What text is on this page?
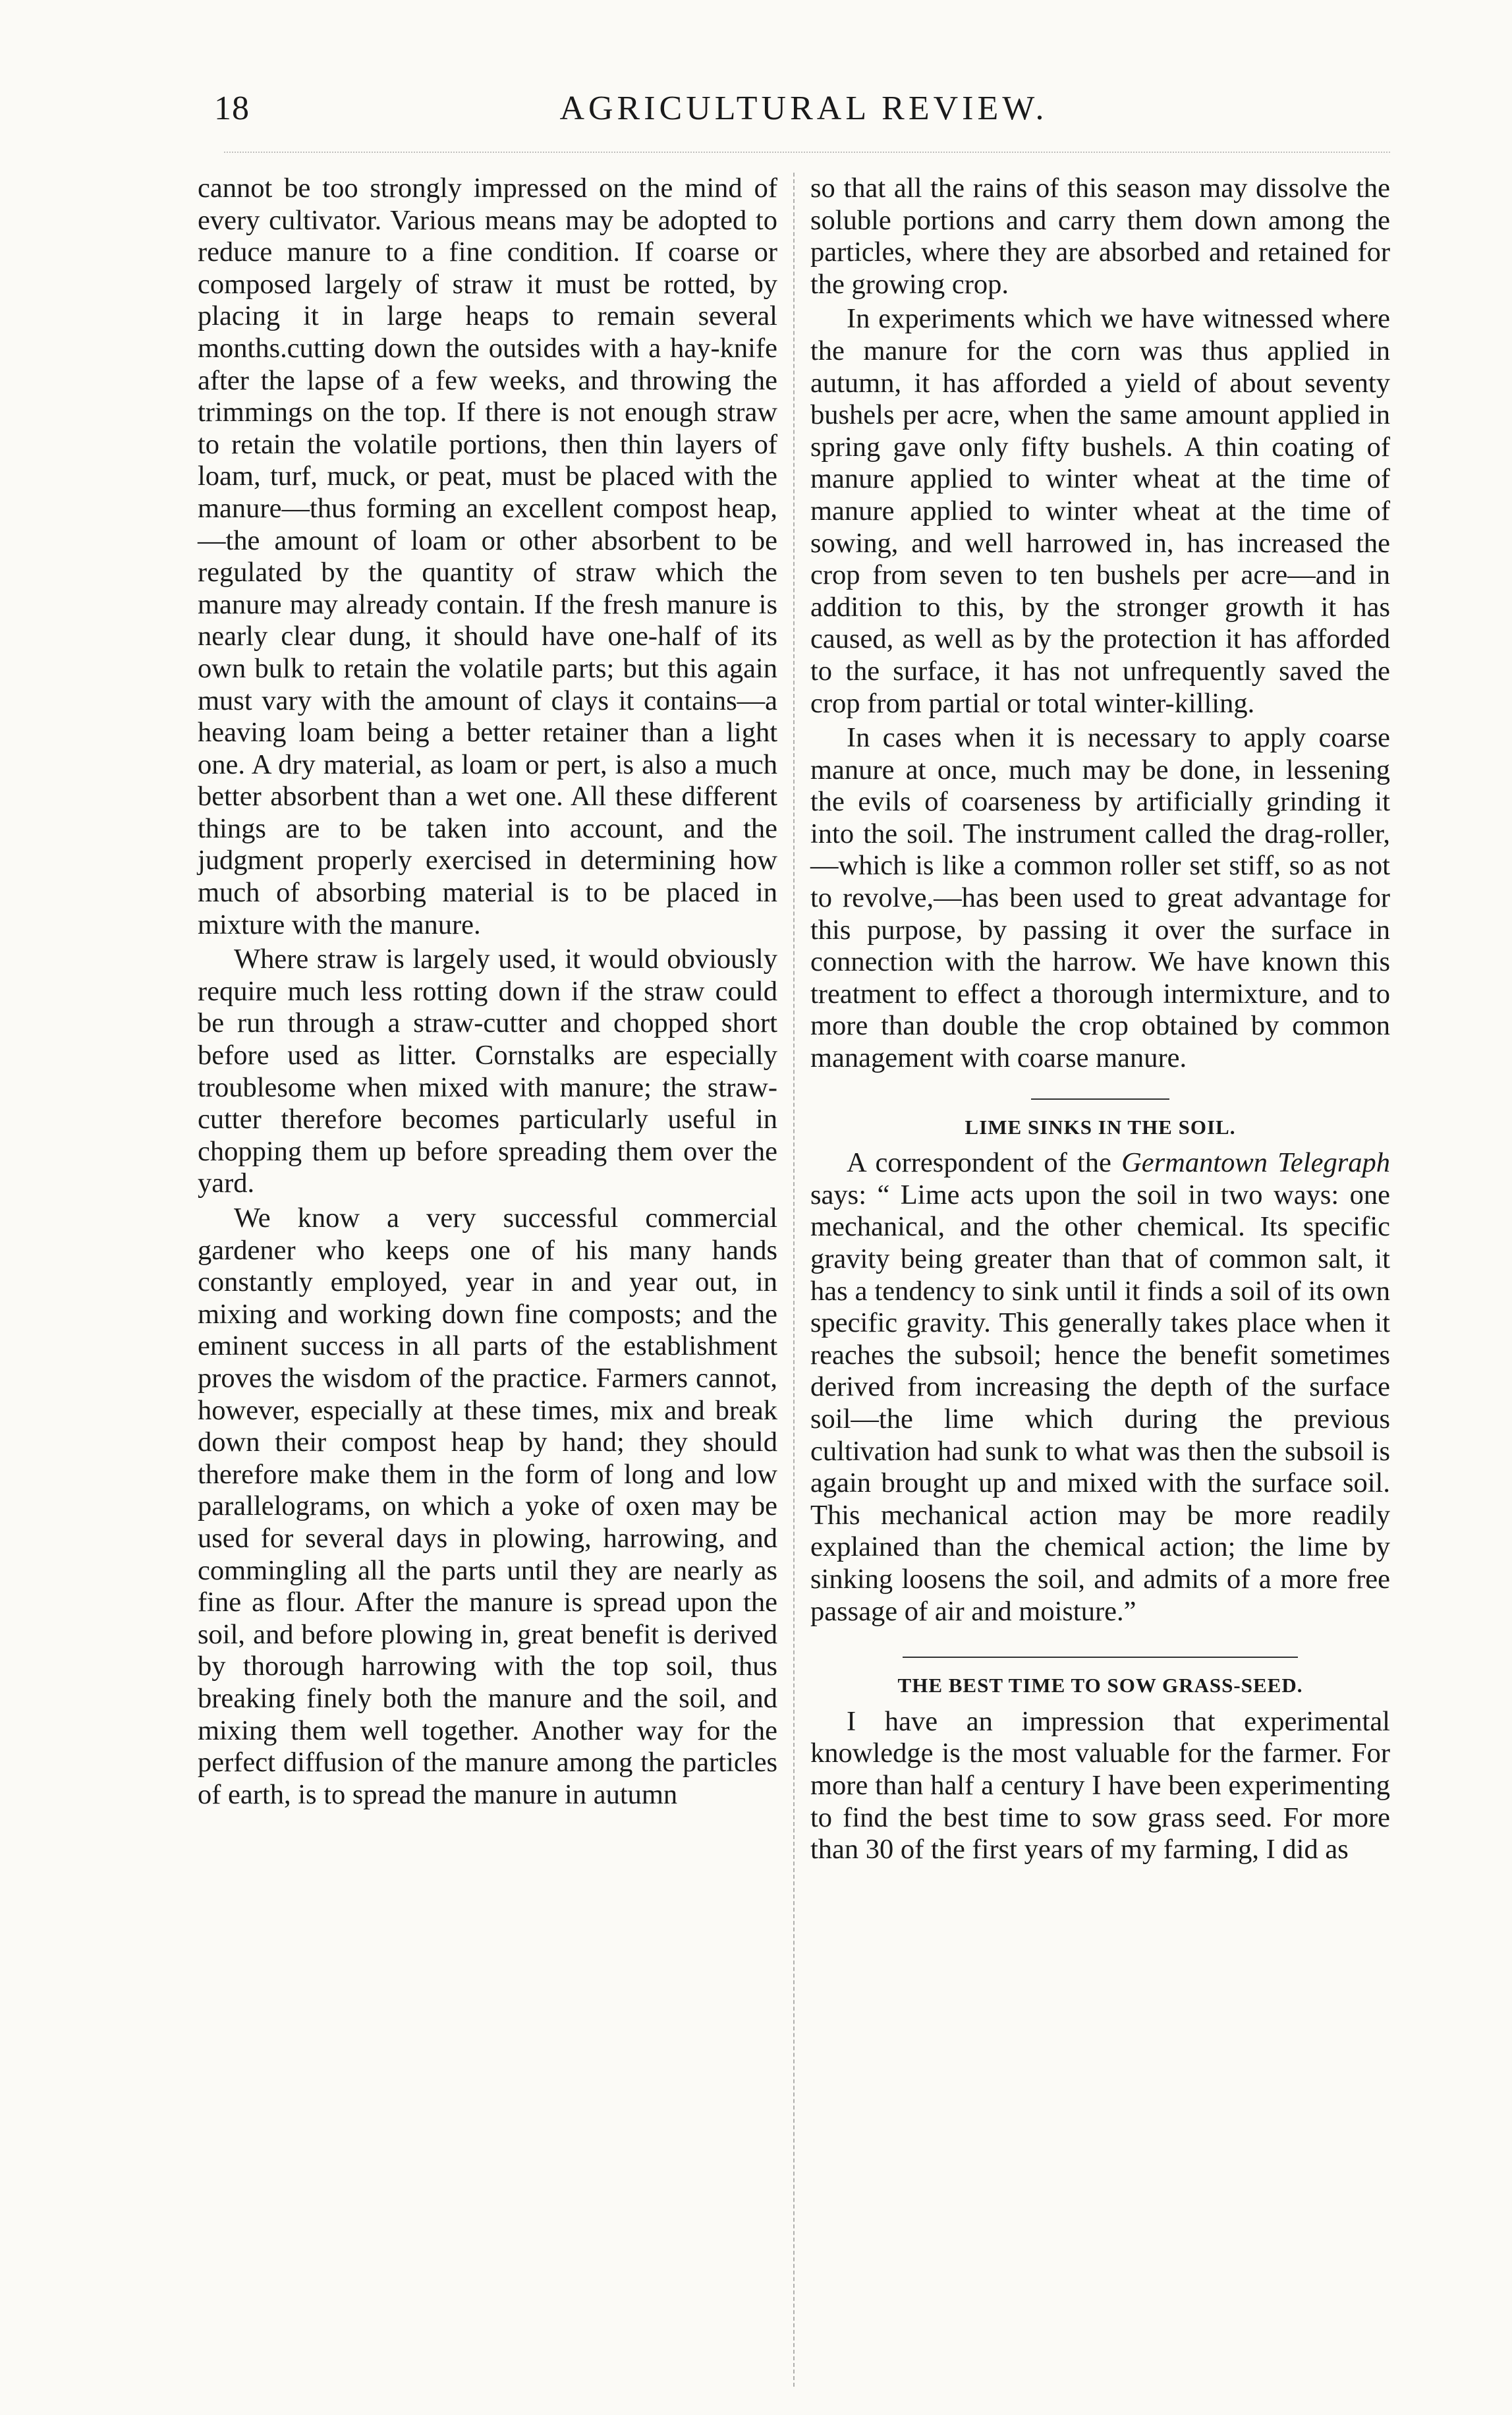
18	AGRICULTURAL REVIEW.

cannot be too strongly impressed on the mind of every cultivator. Various means may be adopted to reduce manure to a fine condition. If coarse or composed largely of straw it must be rotted, by placing it in large heaps to remain several months.cutting down the outsides with a hay-knife after the lapse of a few weeks, and throwing the trimmings on the top. If there is not enough straw to retain the volatile portions, then thin layers of loam, turf, muck, or peat, must be placed with the manure—thus forming an excellent compost heap,—the amount of loam or other absorbent to be regulated by the quantity of straw which the manure may already contain. If the fresh manure is nearly clear dung, it should have one-half of its own bulk to retain the volatile parts; but this again must vary with the amount of clays it contains—a heaving loam being a better retainer than a light one. A dry material, as loam or pert, is also a much better absorbent than a wet one. All these different things are to be taken into account, and the judgment properly exercised in determining how much of absorbing material is to be placed in mixture with the manure.

Where straw is largely used, it would obviously require much less rotting down if the straw could be run through a straw-cutter and chopped short before used as litter. Cornstalks are especially troublesome when mixed with manure; the straw-cutter therefore becomes particularly useful in chopping them up before spreading them over the yard.

We know a very successful commercial gardener who keeps one of his many hands constantly employed, year in and year out, in mixing and working down fine composts; and the eminent success in all parts of the establishment proves the wisdom of the practice. Farmers cannot, however, especially at these times, mix and break down their compost heap by hand; they should therefore make them in the form of long and low parallelograms, on which a yoke of oxen may be used for several days in plowing, harrowing, and commingling all the parts until they are nearly as fine as flour. After the manure is spread upon the soil, and before plowing in, great benefit is derived by thorough harrowing with the top soil, thus breaking finely both the manure and the soil, and mixing them well together. Another way for the perfect diffusion of the manure among the particles of earth, is to spread the manure in autumn

so that all the rains of this season may dissolve the soluble portions and carry them down among the particles, where they are absorbed and retained for the growing crop.

In experiments which we have witnessed where the manure for the corn was thus applied in autumn, it has afforded a yield of about seventy bushels per acre, when the same amount applied in spring gave only fifty bushels. A thin coating of manure applied to winter wheat at the time of manure applied to winter wheat at the time of sowing, and well harrowed in, has increased the crop from seven to ten bushels per acre—and in addition to this, by the stronger growth it has caused, as well as by the protection it has afforded to the surface, it has not unfrequently saved the crop from partial or total winter-killing.

In cases when it is necessary to apply coarse manure at once, much may be done, in lessening the evils of coarseness by artificially grinding it into the soil. The instrument called the drag-roller,—which is like a common roller set stiff, so as not to revolve,—has been used to great advantage for this purpose, by passing it over the surface in connection with the harrow. We have known this treatment to effect a thorough intermixture, and to more than double the crop obtained by common management with coarse manure.

LIME SINKS IN THE SOIL.

A correspondent of the Germantown Telegraph says: “ Lime acts upon the soil in two ways: one mechanical, and the other chemical. Its specific gravity being greater than that of common salt, it has a tendency to sink until it finds a soil of its own specific gravity. This generally takes place when it reaches the subsoil; hence the benefit sometimes derived from increasing the depth of the surface soil—the lime which during the previous cultivation had sunk to what was then the subsoil is again brought up and mixed with the surface soil. This mechanical action may be more readily explained than the chemical action; the lime by sinking loosens the soil, and admits of a more free passage of air and moisture.”

THE BEST TIME TO SOW GRASS-SEED.

I have an impression that experimental knowledge is the most valuable for the farmer. For more than half a century I have been experimenting to find the best time to sow grass seed. For more than 30 of the first years of my farming, I did as
